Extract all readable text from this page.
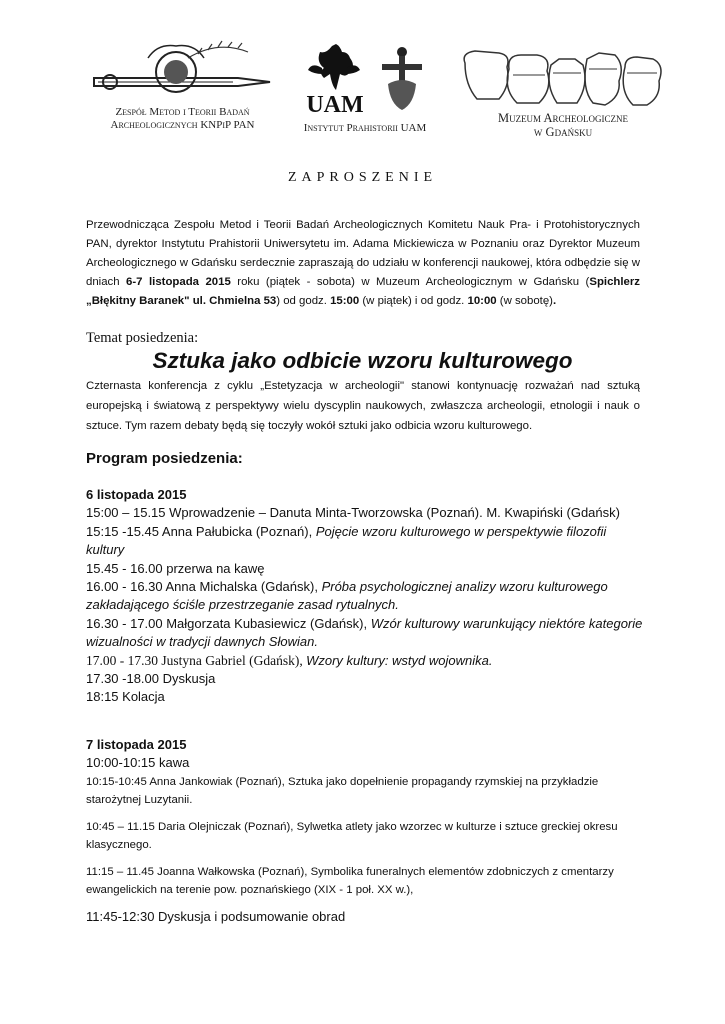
Zespół Metod i Teorii Badań
Archeologicznych KNPiP PAN
UAM
Instytut Prahistorii UAM
Muzeum Archeologiczne
w Gdańsku
ZAPROSZENIE
Przewodnicząca Zespołu Metod i Teorii Badań Archeologicznych Komitetu Nauk Pra- i Protohistorycznych PAN, dyrektor Instytutu Prahistorii Uniwersytetu im. Adama Mickiewicza w Poznaniu oraz Dyrektor Muzeum Archeologicznego w Gdańsku serdecznie zapraszają do udziału w konferencji naukowej, która odbędzie się w dniach 6-7 listopada 2015 roku (piątek - sobota) w Muzeum Archeologicznym w Gdańsku (Spichlerz „Błękitny Baranek" ul. Chmielna 53) od godz. 15:00 (w piątek) i od godz. 10:00 (w sobotę).
Temat posiedzenia:
Sztuka jako odbicie wzoru kulturowego
Czternasta konferencja z cyklu „Estetyzacja w archeologii" stanowi kontynuację rozważań nad sztuką europejską i światową z perspektywy wielu dyscyplin naukowych, zwłaszcza archeologii, etnologii i nauk o sztuce. Tym razem debaty będą się toczyły wokół sztuki jako odbicia wzoru kulturowego.
Program posiedzenia:
6 listopada 2015
15:00 – 15.15 Wprowadzenie – Danuta Minta-Tworzowska (Poznań). M. Kwapiński (Gdańsk)
15:15 -15.45 Anna Pałubicka (Poznań), Pojęcie wzoru kulturowego w perspektywie filozofii kultury
15.45 - 16.00 przerwa na kawę
16.00 - 16.30 Anna Michalska (Gdańsk), Próba psychologicznej analizy wzoru kulturowego zakładającego ściśle przestrzeganie zasad rytualnych.
16.30 - 17.00 Małgorzata Kubasiewicz (Gdańsk), Wzór kulturowy warunkujący niektóre kategorie wizualności w tradycji dawnych Słowian.
17.00 - 17.30 Justyna Gabriel (Gdańsk), Wzory kultury: wstyd wojownika.
17.30 -18.00 Dyskusja
18:15 Kolacja
7 listopada 2015
10:00-10:15 kawa
10:15-10:45 Anna Jankowiak (Poznań), Sztuka jako dopełnienie propagandy rzymskiej na przykładzie starożytnej Luzytanii.
10:45 – 11.15 Daria Olejniczak (Poznań), Sylwetka atlety jako wzorzec w kulturze i sztuce greckiej okresu klasycznego.
11:15 – 11.45 Joanna Wałkowska (Poznań), Symbolika funeralnych elementów zdobniczych z cmentarzy ewangelickich na terenie pow. poznańskiego (XIX - 1 poł. XX w.),
11:45-12:30 Dyskusja i podsumowanie obrad
